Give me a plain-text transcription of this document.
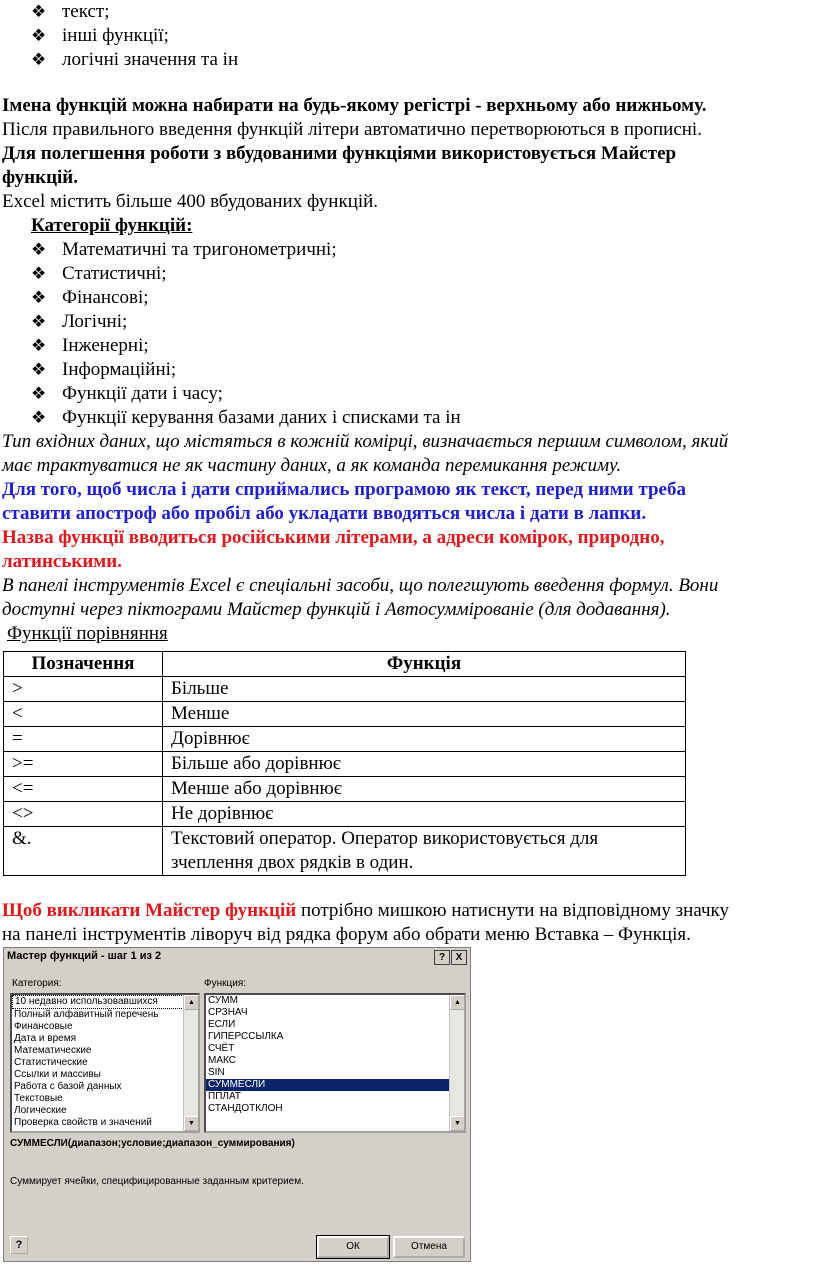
❖ текст;
❖ інші функції;
❖ логічні значення та ін

Імена функцій можна набирати на будь-якому регістрі - верхньому або нижньому.

Після правильного введення функцій літери автоматично перетворюються в прописні.

Для полегшення роботи з вбудованими функціями використовується Майстер

функцій.

Excel містить більше 400 вбудованих функцій.

Категорії функцій:

❖ Математичні та тригонометричні;
❖ Статистичні;
❖ Фінансові;
❖ Логічні;
❖ Інженерні;
❖ Інформаційні;
❖ Функції дати і часу;
❖ Функції керування базами даних і списками та ін

Тип вхідних даних, що містяться в кожній комірці, визначається першим символом, який

має трактуватися не як частину даних, а як команда перемикання режиму.

Для того, щоб числа і дати сприймались програмою як текст, перед ними треба

ставити апостроф або пробіл або укладати вводяться числа і дати в лапки.

Назва функції вводиться російськими літерами, а адреси комірок, природно,

латинськими.

В панелі інструментів Excel є спеціальні засоби, що полегшують введення формул. Вони

доступні через піктограми Майстер функцій і Автосуммірованіе (для додавання).

Функції порівняння

Позначення	Функція
>	Більше
<	Менше
=	Дорівнює
>=	Більше або дорівнює
<=	Менше або дорівнює
<>	Не дорівнює
&.	Текстовий оператор. Оператор використовується для зчеплення двох рядків в один.

Щоб викликати Майстер функцій потрібно мишкою натиснути на відповідному значку

на панелі інструментів ліворуч від рядка форум або обрати меню Вставка – Функція.

Мастер функций - шаг 1 из 2	?	X
Категория:	Функция:
10 недавно использовавшихся
Полный алфавитный перечень
Финансовые
Дата и время
Математические
Статистические
Ссылки и массивы
Работа с базой данных
Текстовые
Логические
Проверка свойств и значений
▲
▼
СУММ
СРЗНАЧ
ЕСЛИ
ГИПЕРССЫЛКА
СЧЁТ
МАКС
SIN
СУММЕСЛИ
ППЛАТ
СТАНДОТКЛОН
▲
▼
СУММЕСЛИ(диапазон;условие;диапазон_суммирования)
Суммирует ячейки, специфицированные заданным критерием.
?	ОК	Отмена
